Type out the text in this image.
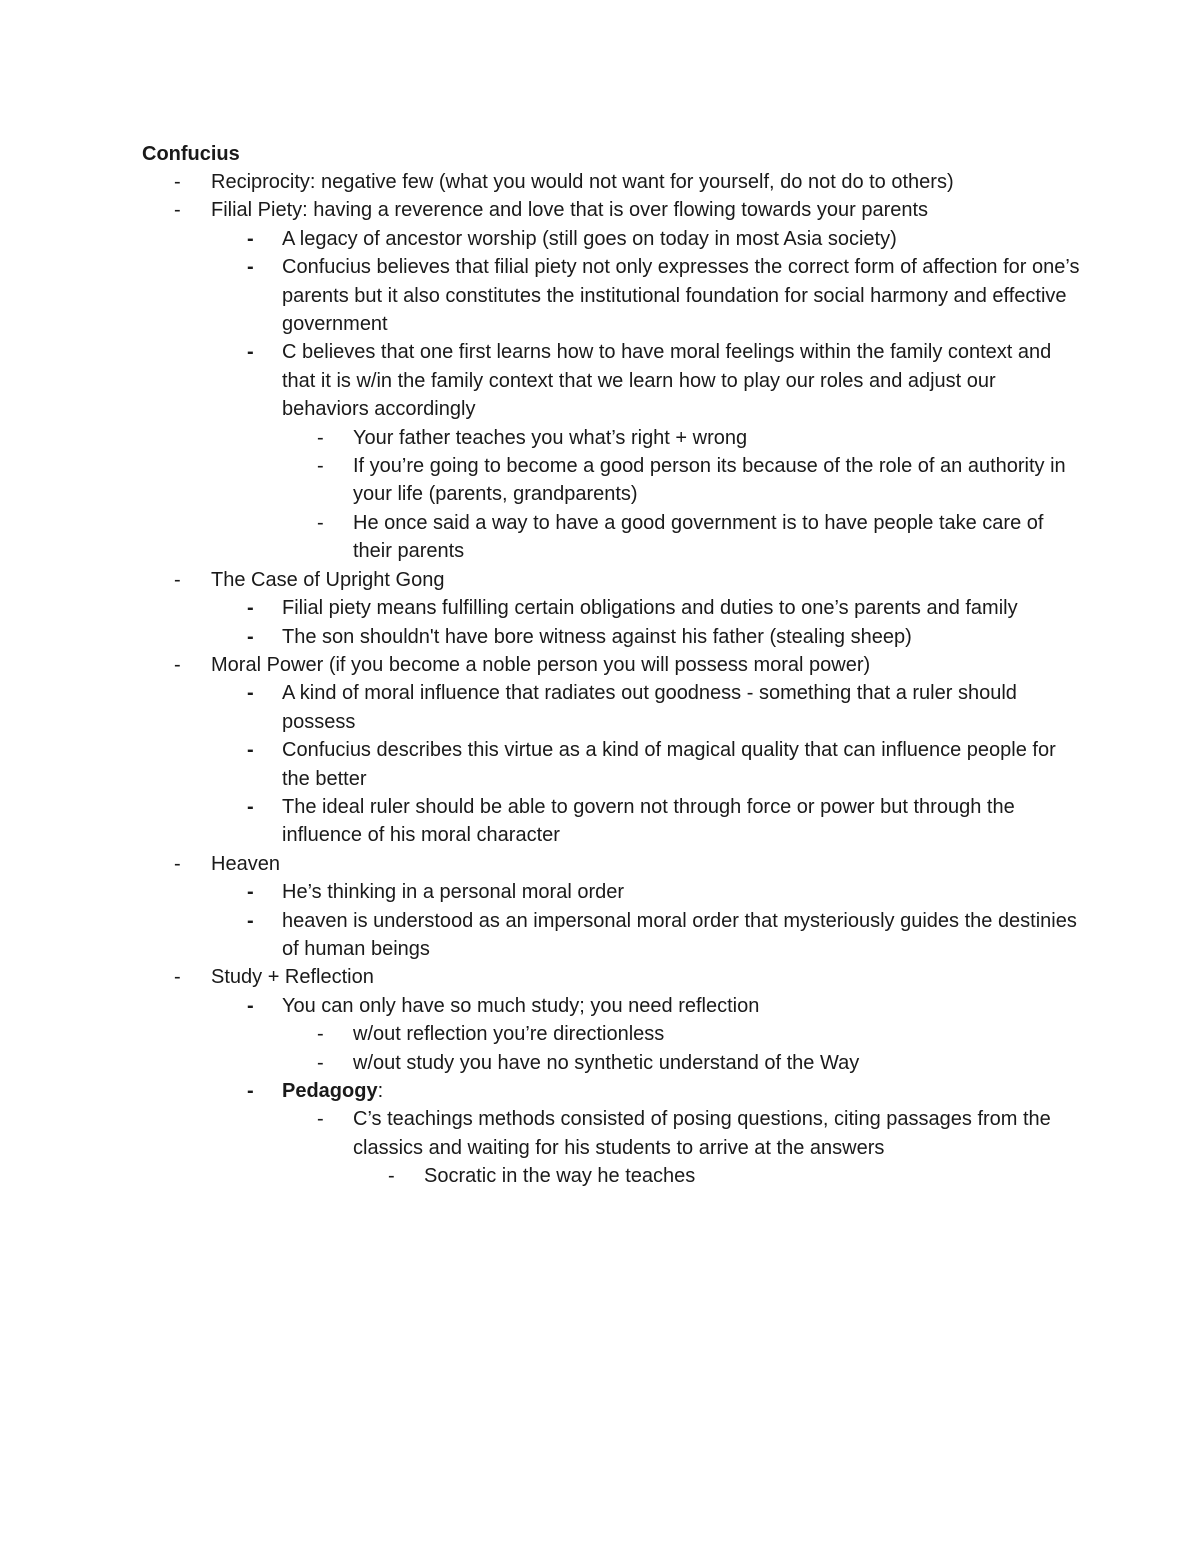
Confucius
- Reciprocity: negative few (what you would not want for yourself, do not do to others)
- Filial Piety: having a reverence and love that is over flowing towards your parents
- A legacy of ancestor worship (still goes on today in most Asia society)
- Confucius believes that filial piety not only expresses the correct form of affection for one’s parents but it also constitutes the institutional foundation for social harmony and effective government
- C believes that one first learns how to have moral feelings within the family context and that it is w/in the family context that we learn how to play our roles and adjust our behaviors accordingly
- Your father teaches you what’s right + wrong
- If you’re going to become a good person its because of the role of an authority in your life (parents, grandparents)
- He once said a way to have a good government is to have people take care of their parents
- The Case of Upright Gong
- Filial piety means fulfilling certain obligations and duties to one’s parents and family
- The son shouldn't have bore witness against his father (stealing sheep)
- Moral Power (if you become a noble person you will possess moral power)
- A kind of moral influence that radiates out goodness - something that a ruler should possess
- Confucius describes this virtue as a kind of magical quality that can influence people for the better
- The ideal ruler should be able to govern not through force or power but through the influence of his moral character
- Heaven
- He’s thinking in a personal moral order
- heaven is understood as an impersonal moral order that mysteriously guides the destinies of human beings
- Study + Reflection
- You can only have so much study; you need reflection
- w/out reflection you’re directionless
- w/out study you have no synthetic understand of the Way
- Pedagogy:
- C’s teachings methods consisted of posing questions, citing passages from the classics and waiting for his students to arrive at the answers
- Socratic in the way he teaches
